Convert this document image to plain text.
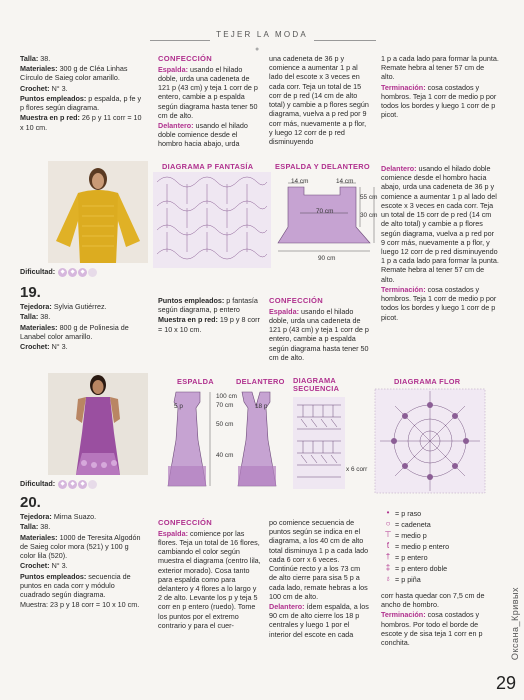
TEJER LA MODA
●
Talla: 38.
Materiales: 300 g de Cléa Linhas Círculo de Saieg color amarillo.
Crochet: N° 3.
Puntos empleados: p espalda, p fe y p flores según diagrama.
Muestra en p red: 26 p y 11 corr = 10 x 10 cm.
CONFECCIÓN
Espalda: usando el hilado doble, urda una cadeneta de 121 p (43 cm) y teja 1 corr de p entero, cambie a p espalda según diagrama hasta tener 50 cm de alto.
Delantero: usando el hilado doble comience desde el hombro hacia abajo, urda
una cadeneta de 36 p y comience a aumentar 1 p al lado del escote x 3 veces en cada corr. Teja un total de 15 corr de p red (14 cm de alto total) y cambie a p flores según diagrama, vuelva a p red por 9 corr más, nuevamente a p flor, y luego 12 corr de p red disminuyendo
1 p a cada lado para formar la punta. Remate hebra al tener 57 cm de alto.
Terminación: cosa costados y hombros. Teja 1 corr de medio p por todos los bordes y luego 1 corr de p picot.
Dificultad: ◆ ◆ ◆
DIAGRAMA P FANTASÍA	ESPALDA Y DELANTERO
14 cm	14 cm
55 cm
70 cm
30 cm
90 cm
Delantero: usando el hilado doble comience desde el hombro hacia abajo, urda una cadeneta de 36 p y comience a aumentar 1 p al lado del escote x 3 veces en cada corr. Teja un total de 15 corr de p red (14 cm de alto total) y cambie a p flores según diagrama, vuelva a p red por 9 corr más, nuevamente a p flor, y luego 12 corr de p red disminuyendo 1 p a cada lado para formar la punta. Remate hebra al tener 57 cm de alto.
Terminación: cosa costados y hombros. Teja 1 corr de medio p por todos los bordes y luego 1 corr de p picot.
19.
Tejedora: Sylvia Gutiérrez.
Talla: 38.
Materiales: 800 g de Polinesia de Lanabel color amarillo.
Crochet: N° 3.
Puntos empleados: p fantasía según diagrama, p entero
Muestra en p red: 19 p y 8 corr = 10 x 10 cm.
CONFECCIÓN
Espalda: usando el hilado doble, urda una cadeneta de 121 p (43 cm) y teja 1 corr de p entero, cambie a p espalda según diagrama hasta tener 50 cm de alto.
Dificultad: ◆ ◆ ◆
ESPALDA	DELANTERO
5 p
100 cm
18 p
70 cm
50 cm
40 cm
DIAGRAMA SECUENCIA
x 6 corr
DIAGRAMA FLOR
20.
Tejedora: Mirna Suazo.
Talla: 38.
Materiales: 1000 de Teresita Algodón de Saieg color mora (521) y 100 g color lila (520).
Crochet: N° 3.
Puntos empleados: secuencia de puntos en cada corr y módulo cuadrado según diagrama.
Muestra: 23 p y 18 corr = 10 x 10 cm.
CONFECCIÓN
Espalda: comience por las flores. Teja un total de 16 flores, cambiando el color según muestra el diagrama (centro lila, exterior morado). Cosa tanto para espalda como para delantero y 4 flores a lo largo y 2 de alto. Levante los p y teja 5 corr en p entero (ruedo). Tome los puntos por el extremo contrario y para el cuer-
po comience secuencia de puntos según se indica en el diagrama, a los 40 cm de alto total disminuya 1 p a cada lado cada 6 corr x 6 veces. Continúe recto y a los 73 cm de alto cierre para sisa 5 p a cada lado, remate hebras a los 100 cm de alto.
Delantero: ídem espalda, a los 90 cm de alto cierre los 18 p centrales y luego 1 por el interior del escote en cada
• = p raso
○ = cadeneta
⊤ = medio p
ƭ = medio p entero
† = p entero
‡ = p entero doble
♁ = p piña
corr hasta quedar con 7,5 cm de ancho de hombro.
Terminación: cosa costados y hombros. Por todo el borde de escote y de sisa teja 1 corr en p conchita.
29
Оксана_Кривых
